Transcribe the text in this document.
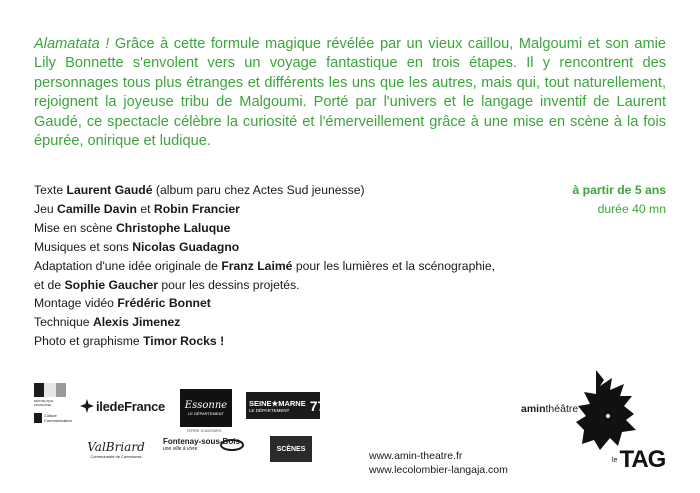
Alamatata ! Grâce à cette formule magique révélée par un vieux caillou, Malgoumi et son amie Lily Bonnette s'envolent vers un voyage fantastique en trois étapes. Il y rencontrent des personnages tous plus étranges et différents les uns que les autres, mais qui, tout naturellement, rejoignent la joyeuse tribu de Malgoumi. Porté par l'univers et le langage inventif de Laurent Gaudé, ce spectacle célèbre la curiosité et l'émerveillement grâce à une mise en scène à la fois épurée, onirique et ludique.
Texte Laurent Gaudé (album paru chez Actes Sud jeunesse)
Jeu Camille Davin et Robin Francier
Mise en scène Christophe Laluque
Musiques et sons Nicolas Guadagno
Adaptation d'une idée originale de Franz Laimé pour les lumières et la scénographie,
et de Sophie Gaucher pour les dessins projetés.
Montage vidéo Frédéric Bonnet
Technique Alexis Jimenez
Photo et graphisme Timor Rocks !
à partir de 5 ans
durée 40 mn
RÉPUBLIQUE FRANÇAISE
Culture Communication
iledeFrance Essonne
LE DÉPARTEMENT
TERRE D'AVENIRS
SEINE★MARNE
LE DÉPARTEMENT	77
ValBriard
Communauté de Communes
Fontenay-sous-Bois
une ville à vivre	SCÈNES
www.amin-theatre.fr
www.lecolombier-langaja.com
aminthéâtre
le TAG
